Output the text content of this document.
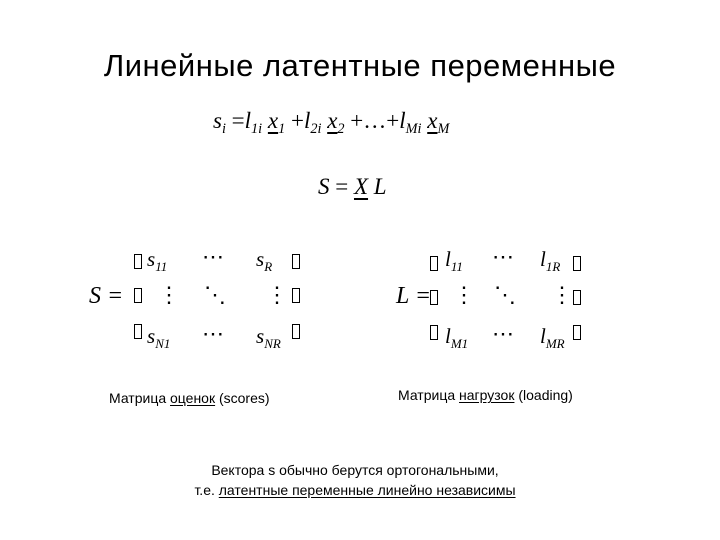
Линейные латентные переменные
$s_i =l_{1i}$ $x_1 +l_{2i}$ $x_2$ $+\dots+l_{Mi}$ $x_M$
S = X L
S =
$s_{11}$ ⋯ $s_R$
⋮ ⋱ ⋮
$s_{N1}$ ⋯ $s_{NR}$
L =
$l_{11}$ ⋯ $l_{1R}$
⋮ ⋱ ⋮
$l_{M1}$ ⋯ $l_{MR}$
Матрица оценок (scores)	Матрица нагрузок (loading)
Вектора s обычно берутся ортогональными,
т.е. латентные переменные линейно независимы
